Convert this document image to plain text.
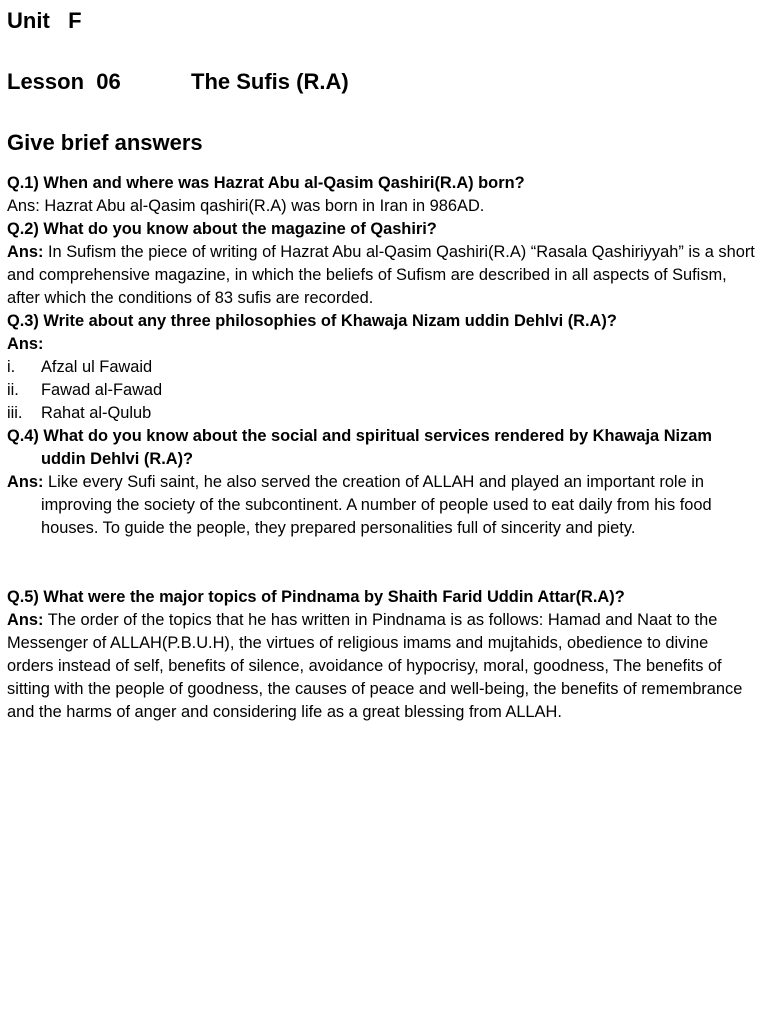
Unit   F
Lesson  06	The Sufis (R.A)
Give brief answers

Q.1) When and where was Hazrat Abu al-Qasim Qashiri(R.A) born?

Ans: Hazrat Abu al-Qasim qashiri(R.A) was born in Iran in 986AD.

Q.2) What do you know about the magazine of Qashiri?

Ans: In Sufism the piece of writing of Hazrat Abu al-Qasim Qashiri(R.A) “Rasala Qashiriyyah” is a short and comprehensive magazine, in which the beliefs of Sufism are described in all aspects of Sufism, after which the conditions of 83 sufis are recorded.

Q.3) Write about any three philosophies of Khawaja Nizam uddin Dehlvi (R.A)?

Ans:

i.	Afzal ul Fawaid
ii.	Fawad al-Fawad
iii.	Rahat al-Qulub

Q.4) What do you know about the social and spiritual services rendered by Khawaja Nizam uddin Dehlvi (R.A)?

Ans: Like every Sufi saint, he also served the creation of ALLAH and played an important role in improving the society of the subcontinent. A number of people used to eat daily from his food houses. To guide the people, they prepared personalities full of sincerity and piety.

Q.5) What were the major topics of Pindnama by Shaith Farid Uddin Attar(R.A)?

Ans: The order of the topics that he has written in Pindnama is as follows: Hamad and Naat to the Messenger of ALLAH(P.B.U.H), the virtues of religious imams and mujtahids, obedience to divine orders instead of self, benefits of silence, avoidance of hypocrisy, moral, goodness, The benefits of sitting with the people of goodness, the causes of peace and well-being, the benefits of remembrance and the harms of anger and considering life as a great blessing from ALLAH.
